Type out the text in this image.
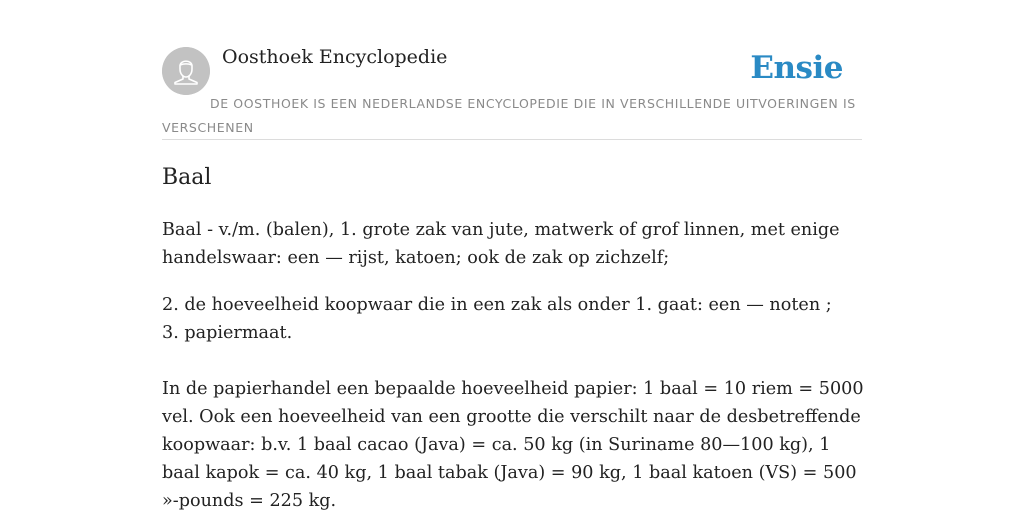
Oosthoek Encyclopedie	Ensie
DE OOSTHOEK IS EEN NEDERLANDSE ENCYCLOPEDIE DIE IN VERSCHILLENDE UITVOERINGEN IS VERSCHENEN
Baal

Baal - v./m. (balen), 1. grote zak van jute, matwerk of grof linnen, met enige handelswaar: een — rijst, katoen; ook de zak op zichzelf;

2. de hoeveelheid koopwaar die in een zak als onder 1. gaat: een — noten ;
3. papiermaat.

In de papierhandel een bepaalde hoeveelheid papier: 1 baal = 10 riem = 5000 vel. Ook een hoeveelheid van een grootte die verschilt naar de desbetreffende koopwaar: b.v. 1 baal cacao (Java) = ca. 50 kg (in Suriname 80—100 kg), 1 baal kapok = ca. 40 kg, 1 baal tabak (Java) = 90 kg, 1 baal katoen (VS) = 500 »-pounds = 225 kg.
